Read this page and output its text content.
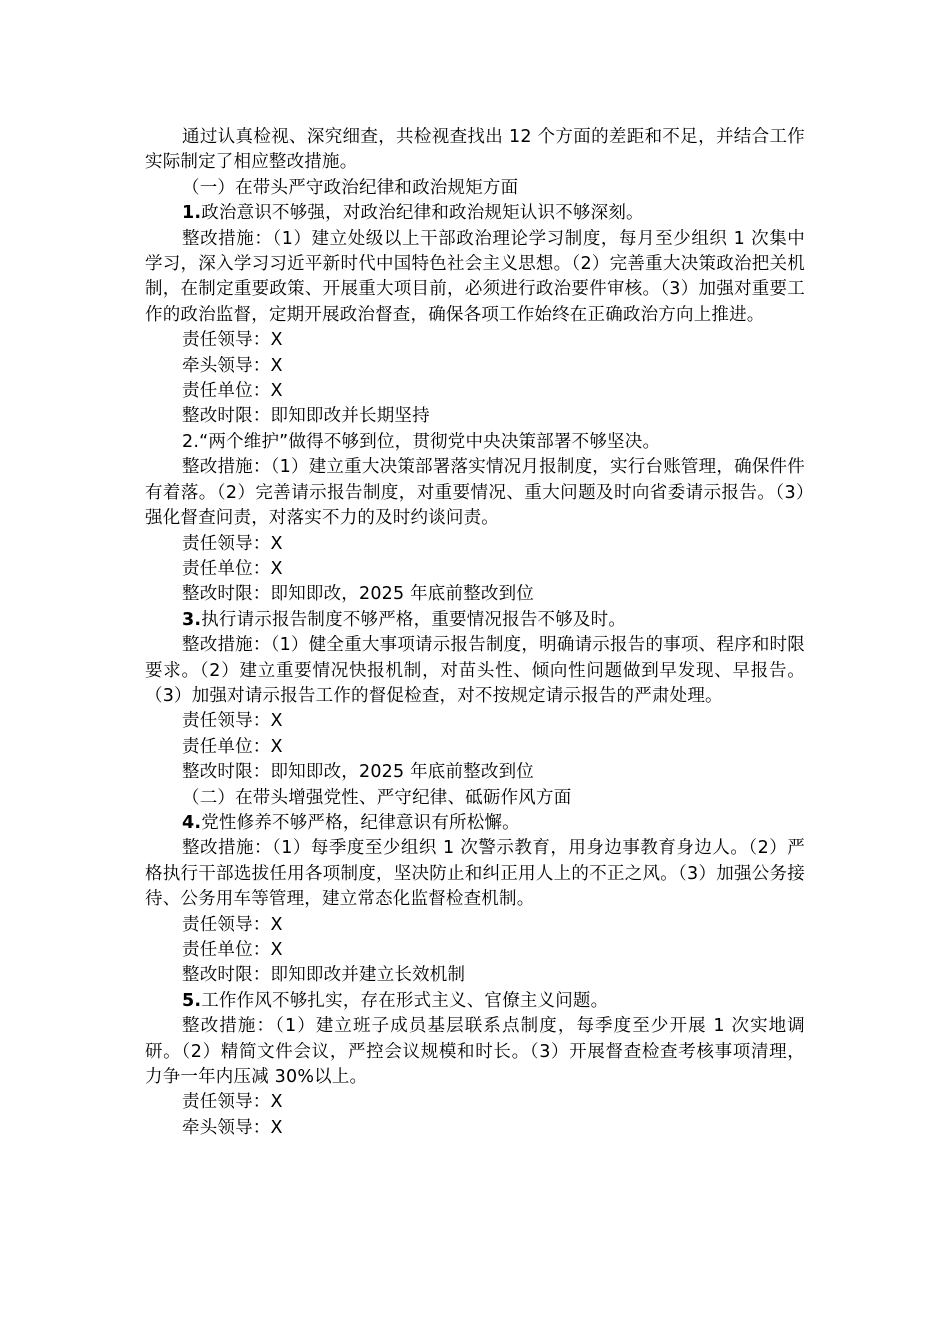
通过认真检视、深究细查，共检视查找出 12 个方面的差距和不足，并结合工作实际制定了相应整改措施。

（一）在带头严守政治纪律和政治规矩方面

1.政治意识不够强，对政治纪律和政治规矩认识不够深刻。

整改措施：（1）建立处级以上干部政治理论学习制度，每月至少组织 1 次集中学习，深入学习习近平新时代中国特色社会主义思想。（2）完善重大决策政治把关机制，在制定重要政策、开展重大项目前，必须进行政治要件审核。（3）加强对重要工作的政治监督，定期开展政治督查，确保各项工作始终在正确政治方向上推进。

责任领导：X

牵头领导：X

责任单位：X

整改时限：即知即改并长期坚持

2.“两个维护”做得不够到位，贯彻党中央决策部署不够坚决。

整改措施：（1）建立重大决策部署落实情况月报制度，实行台账管理，确保件件有着落。（2）完善请示报告制度，对重要情况、重大问题及时向省委请示报告。（3）强化督查问责，对落实不力的及时约谈问责。

责任领导：X

责任单位：X

整改时限：即知即改，2025 年底前整改到位

3.执行请示报告制度不够严格，重要情况报告不够及时。

整改措施：（1）健全重大事项请示报告制度，明确请示报告的事项、程序和时限要求。（2）建立重要情况快报机制，对苗头性、倾向性问题做到早发现、早报告。（3）加强对请示报告工作的督促检查，对不按规定请示报告的严肃处理。

责任领导：X

责任单位：X

整改时限：即知即改，2025 年底前整改到位

（二）在带头增强党性、严守纪律、砥砺作风方面

4.党性修养不够严格，纪律意识有所松懈。

整改措施：（1）每季度至少组织 1 次警示教育，用身边事教育身边人。（2）严格执行干部选拔任用各项制度，坚决防止和纠正用人上的不正之风。（3）加强公务接待、公务用车等管理，建立常态化监督检查机制。

责任领导：X

责任单位：X

整改时限：即知即改并建立长效机制

5.工作作风不够扎实，存在形式主义、官僚主义问题。

整改措施：（1）建立班子成员基层联系点制度，每季度至少开展 1 次实地调研。（2）精简文件会议，严控会议规模和时长。（3）开展督查检查考核事项清理，力争一年内压减 30%以上。

责任领导：X

牵头领导：X
